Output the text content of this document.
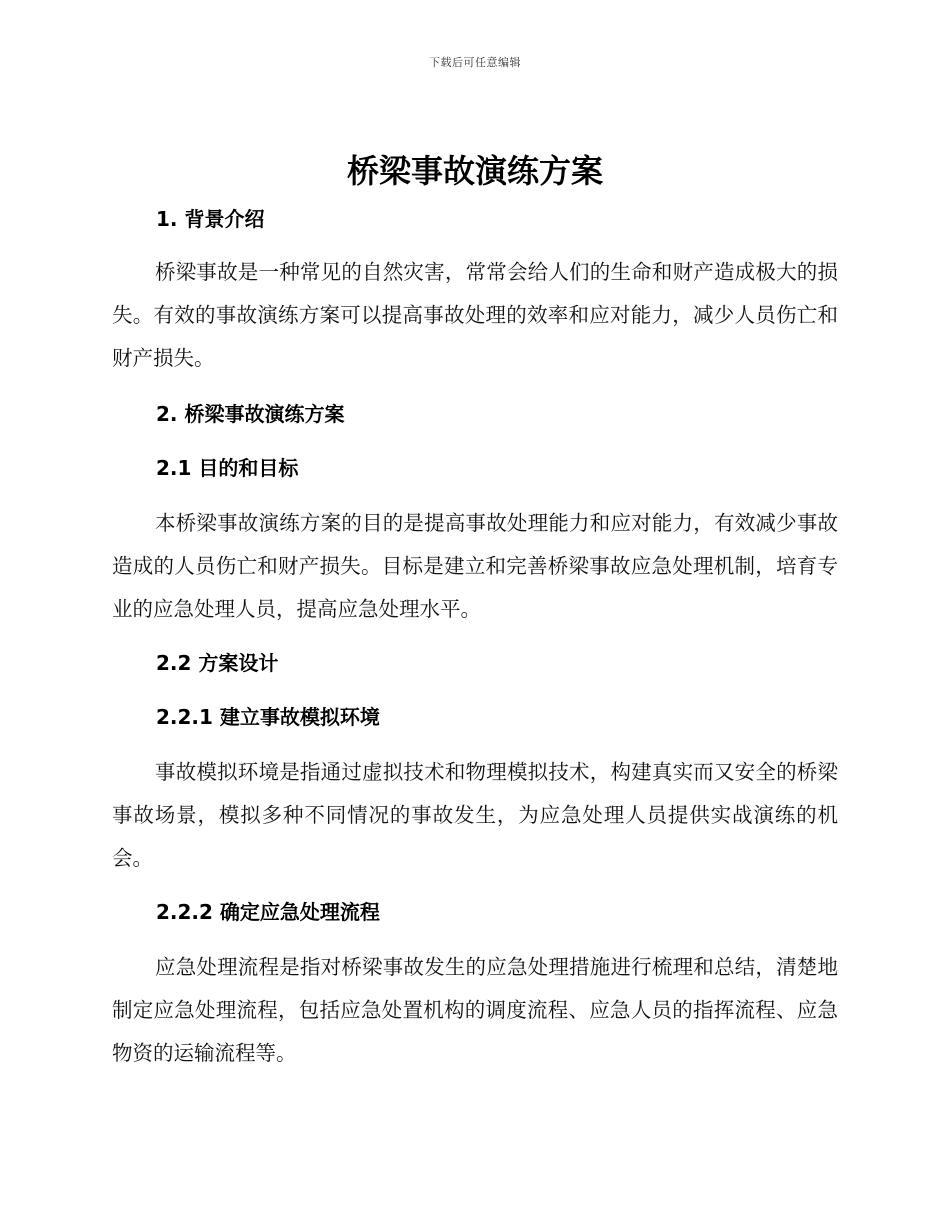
下载后可任意编辑
桥梁事故演练方案
1. 背景介绍

桥梁事故是一种常见的自然灾害，常常会给人们的生命和财产造成极大的损失。有效的事故演练方案可以提高事故处理的效率和应对能力，减少人员伤亡和财产损失。

2. 桥梁事故演练方案
2.1 目的和目标

本桥梁事故演练方案的目的是提高事故处理能力和应对能力，有效减少事故造成的人员伤亡和财产损失。目标是建立和完善桥梁事故应急处理机制，培育专业的应急处理人员，提高应急处理水平。

2.2 方案设计
2.2.1 建立事故模拟环境

事故模拟环境是指通过虚拟技术和物理模拟技术，构建真实而又安全的桥梁事故场景，模拟多种不同情况的事故发生，为应急处理人员提供实战演练的机会。

2.2.2 确定应急处理流程

应急处理流程是指对桥梁事故发生的应急处理措施进行梳理和总结，清楚地制定应急处理流程，包括应急处置机构的调度流程、应急人员的指挥流程、应急物资的运输流程等。
